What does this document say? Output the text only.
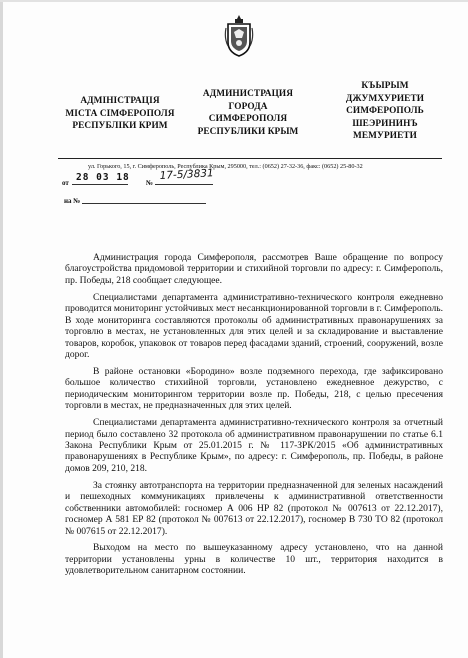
АДМІНІСТРАЦІЯ
МІСТА СІМФЕРОПОЛЯ
РЕСПУБЛІКИ КРИМ
АДМИНИСТРАЦИЯ
ГОРОДА
СИМФЕРОПОЛЯ
РЕСПУБЛИКИ КРЫМ
КЪЫРЫМ
ДЖУМХУРИЕТИ
СИМФЕРОПОЛЬ
ШЕЭРИНИНЪ
МЕМУРИЕТИ
ул. Горького, 15, г. Симферополь, Республика Крым, 295000, тел.: (0652) 27-32-36, факс: (0652) 25-80-32
от 28 03 18 №
17-5/3831
на №

Администрация города Симферополя, рассмотрев Ваше обращение по вопросу благоустройства придомовой территории и стихийной торговли по адресу: г. Симферополь, пр. Победы, 218 сообщает следующее.

Специалистами департамента административно-технического контроля ежедневно проводится мониторинг устойчивых мест несанкционированной торговли в г. Симферополь. В ходе мониторинга составляются протоколы об административных правонарушениях за торговлю в местах, не установленных для этих целей и за складирование и выставление товаров, коробок, упаковок от товаров перед фасадами зданий, строений, сооружений, возле дорог.

В районе остановки «Бородино» возле подземного перехода, где зафиксировано большое количество стихийной торговли, установлено ежедневное дежурство, с периодическим мониторингом территории возле пр. Победы, 218, с целью пресечения торговли в местах, не предназначенных для этих целей.

Специалистами департамента административно-технического контроля за отчетный период было составлено 32 протокола об административном правонарушении по статье 6.1 Закона Республики Крым от 25.01.2015 г. № 117-ЗРК/2015 «Об административных правонарушениях в Республике Крым», по адресу: г. Симферополь, пр. Победы, в районе домов 209, 210, 218.

За стоянку автотранспорта на территории предназначенной для зеленых насаждений и пешеходных коммуникациях привлечены к административной ответственности собственники автомобилей: госномер А 006 НР 82 (протокол № 007613 от 22.12.2017), госномер А 581 ЕР 82 (протокол № 007613 от 22.12.2017), госномер В 730 ТО 82 (протокол № 007615 от 22.12.2017).

Выходом на место по вышеуказанному адресу установлено, что на данной территории установлены урны в количестве 10 шт., территория находится в удовлетворительном санитарном состоянии.
